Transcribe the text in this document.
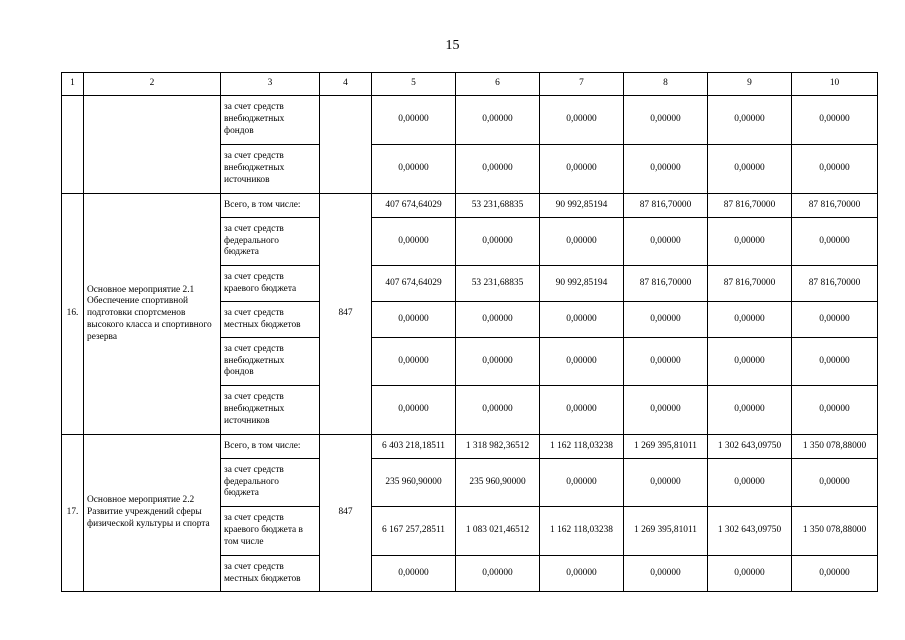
15
1	2	3	4	5	6	7	8	9	10
		за счет средств внебюджетных фондов		0,00000	0,00000	0,00000	0,00000	0,00000	0,00000
		за счет средств внебюджетных источников		0,00000	0,00000	0,00000	0,00000	0,00000	0,00000
16.	Основное мероприятие 2.1 Обеспечение спортивной подготовки спортсменов высокого класса и спортивного резерва	Всего, в том числе:	847	407 674,64029	53 231,68835	90 992,85194	87 816,70000	87 816,70000	87 816,70000
		за счет средств федерального бюджета		0,00000	0,00000	0,00000	0,00000	0,00000	0,00000
		за счет средств краевого бюджета		407 674,64029	53 231,68835	90 992,85194	87 816,70000	87 816,70000	87 816,70000
		за счет средств местных бюджетов		0,00000	0,00000	0,00000	0,00000	0,00000	0,00000
		за счет средств внебюджетных фондов		0,00000	0,00000	0,00000	0,00000	0,00000	0,00000
		за счет средств внебюджетных источников		0,00000	0,00000	0,00000	0,00000	0,00000	0,00000
17.	Основное мероприятие 2.2 Развитие учреждений сферы физической культуры и спорта	Всего, в том числе:	847	6 403 218,18511	1 318 982,36512	1 162 118,03238	1 269 395,81011	1 302 643,09750	1 350 078,88000
		за счет средств федерального бюджета		235 960,90000	235 960,90000	0,00000	0,00000	0,00000	0,00000
		за счет средств краевого бюджета в том числе		6 167 257,28511	1 083 021,46512	1 162 118,03238	1 269 395,81011	1 302 643,09750	1 350 078,88000
		за счет средств местных бюджетов		0,00000	0,00000	0,00000	0,00000	0,00000	0,00000
